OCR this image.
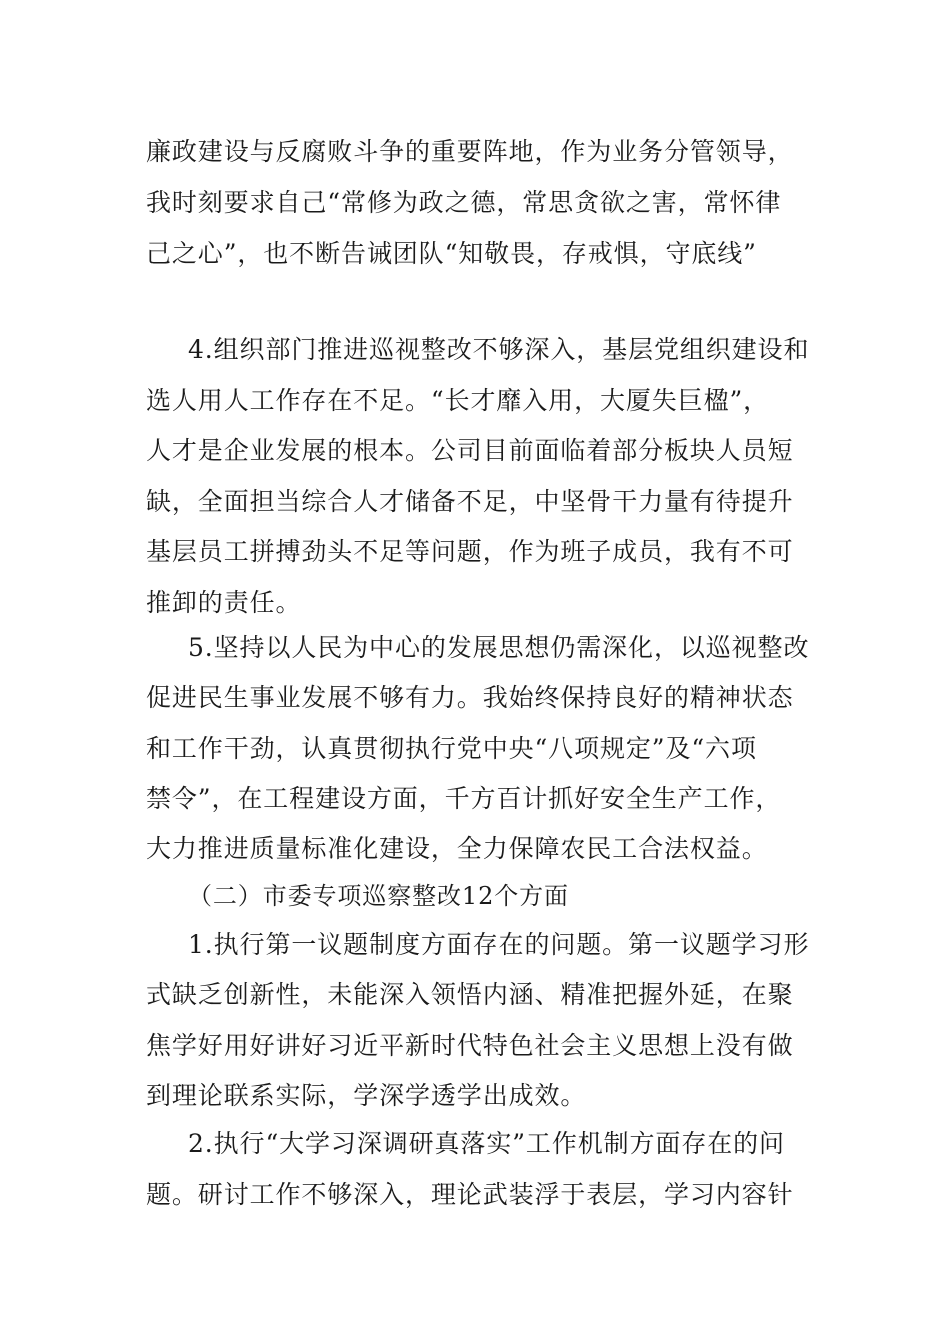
廉政建设与反腐败斗争的重要阵地，作为业务分管领导，
我时刻要求自己“常修为政之德，常思贪欲之害，常怀律
己之心”，也不断告诫团队“知敬畏，存戒惧，守底线”
4.组织部门推进巡视整改不够深入，基层党组织建设和
选人用人工作存在不足。“长才靡入用，大厦失巨楹”，
人才是企业发展的根本。公司目前面临着部分板块人员短
缺，全面担当综合人才储备不足，中坚骨干力量有待提升
基层员工拼搏劲头不足等问题，作为班子成员，我有不可
推卸的责任。
5.坚持以人民为中心的发展思想仍需深化，以巡视整改
促进民生事业发展不够有力。我始终保持良好的精神状态
和工作干劲，认真贯彻执行党中央“八项规定”及“六项
禁令”，在工程建设方面，千方百计抓好安全生产工作，
大力推进质量标准化建设，全力保障农民工合法权益。
（二）市委专项巡察整改12个方面
1.执行第一议题制度方面存在的问题。第一议题学习形
式缺乏创新性，未能深入领悟内涵、精准把握外延，在聚
焦学好用好讲好习近平新时代特色社会主义思想上没有做
到理论联系实际，学深学透学出成效。
2.执行“大学习深调研真落实”工作机制方面存在的问
题。研讨工作不够深入，理论武装浮于表层，学习内容针
